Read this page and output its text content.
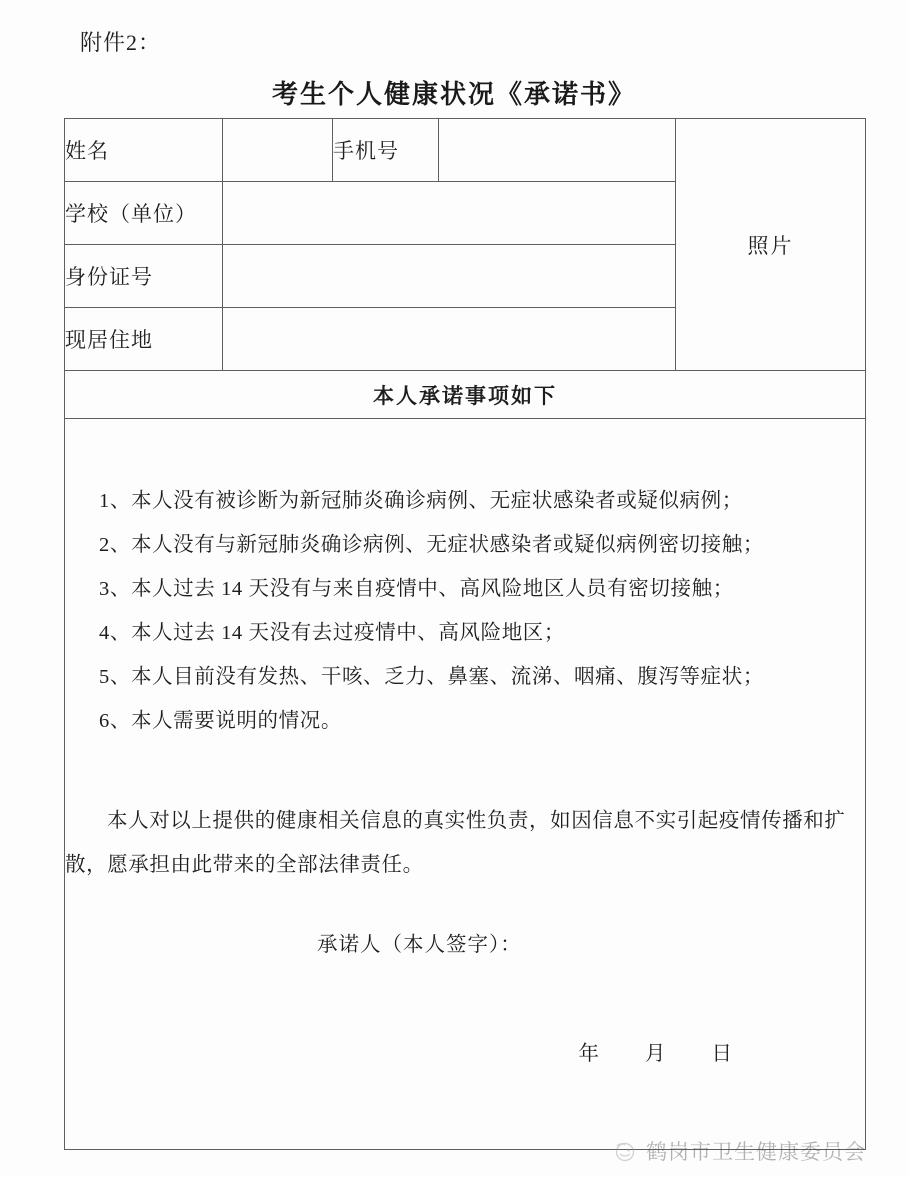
附件2：
考生个人健康状况《承诺书》
姓名		手机号		照片
学校（单位）				
身份证号				
现居住地				
本人承诺事项如下				

1、本人没有被诊断为新冠肺炎确诊病例、无症状感染者或疑似病例；

2、本人没有与新冠肺炎确诊病例、无症状感染者或疑似病例密切接触；

3、本人过去 14 天没有与来自疫情中、高风险地区人员有密切接触；

4、本人过去 14 天没有去过疫情中、高风险地区；

5、本人目前没有发热、干咳、乏力、鼻塞、流涕、咽痛、腹泻等症状；

6、本人需要说明的情况。

本人对以上提供的健康相关信息的真实性负责，如因信息不实引起疫情传播和扩散，愿承担由此带来的全部法律责任。

承诺人（本人签字）：

年 月 日

鹤岗市卫生健康委员会
